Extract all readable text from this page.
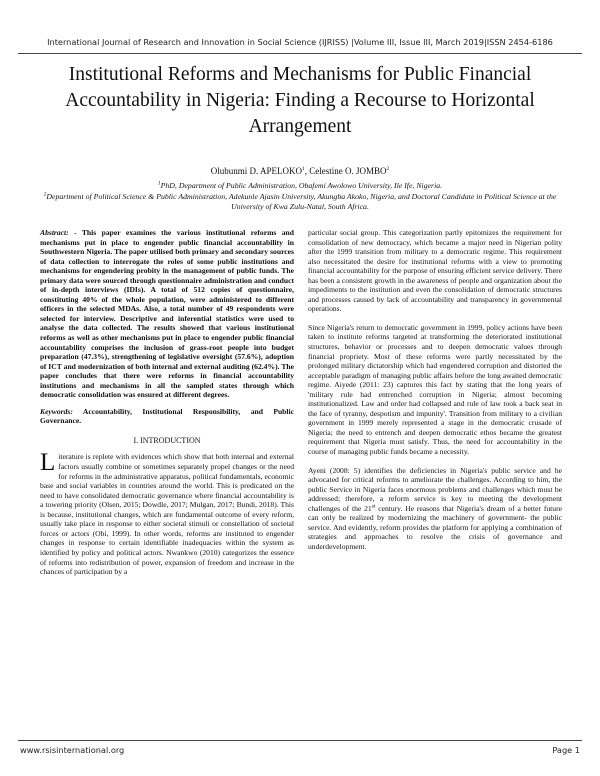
International Journal of Research and Innovation in Social Science (IJRISS) |Volume III, Issue III, March 2019|ISSN 2454-6186
Institutional Reforms and Mechanisms for Public Financial Accountability in Nigeria: Finding a Recourse to Horizontal Arrangement
Olubunmi D. APELOKO$^1$, Celestine O. JOMBO$^2$
$^1$PhD, Department of Public Administration, Obafemi Awolowo University, Ile Ife, Nigeria.
$^2$Department of Political Science & Public Administration, Adekunle Ajasin University, Akungba Akoko, Nigeria, and Doctoral Candidate in Political Science at the University of Kwa Zulu-Natal, South Africa.
Abstract: - This paper examines the various institutional reforms and mechanisms put in place to engender public financial accountability in Southwestern Nigeria. The paper utilised both primary and secondary sources of data collection to interrogate the roles of some public institutions and mechanisms for engendering probity in the management of public funds. The primary data were sourced through questionnaire administration and conduct of in-depth interviews (IDIs). A total of 512 copies of questionnaire, constituting 40% of the whole population, were administered to different officers in the selected MDAs. Also, a total number of 49 respondents were selected for interview. Descriptive and inferential statistics were used to analyse the data collected. The results showed that various institutional reforms as well as other mechanisms put in place to engender public financial accountability comprises the inclusion of grass-root people into budget preparation (47.3%), strengthening of legislative oversight (57.6%), adoption of ICT and modernization of both internal and external auditing (62.4%). The paper concludes that there were reforms in financial accountability institutions and mechanisms in all the sampled states through which democratic consolidation was ensured at different degrees.
Keywords: Accountability, Institutional Responsibility, and Public Governance.
I. INTRODUCTION
Literature is replete with evidences which show that both internal and external factors usually combine or sometimes separately propel changes or the need for reforms in the administrative apparatus, political fundamentals, economic base and social variables in countries around the world. This is predicated on the need to have consolidated democratic governance where financial accountability is a towering priority (Olsen, 2015; Dowdle, 2017; Mulgan, 2017; Bundi, 2018). This is because, institutional changes, which are fundamental outcome of every reform, usually take place in response to either societal stimuli or constellation of societal forces or actors (Obi, 1999). In other words, reforms are instituted to engender changes in response to certain identifiable inadequacies within the system as identified by policy and political actors. Nwankwo (2010) categorizes the essence of reforms into redistribution of power, expansion of freedom and increase in the chances of participation by a
particular social group. This categorization partly epitomizes the requirement for consolidation of new democracy, which became a major need in Nigerian polity after the 1999 transition from military to a democratic regime. This requirement also necessitated the desire for institutional reforms with a view to promoting financial accountability for the purpose of ensuring efficient service delivery. There has been a consistent growth in the awareness of people and organization about the impediments to the institution and even the consolidation of democratic structures and processes caused by lack of accountability and transparency in governmental operations.
Since Nigeria's return to democratic government in 1999, policy actions have been taken to institute reforms targeted at transforming the deteriorated institutional structures, behavior or processes and to deepen democratic values through financial propriety. Most of these reforms were partly necessitated by the prolonged military dictatorship which had engendered corruption and distorted the acceptable paradigm of managing public affairs before the long awaited democratic regime. Aiyede (2011: 23) captures this fact by stating that the long years of 'military rule had entrenched corruption in Nigeria; almost becoming institutionalized. Law and order had collapsed and rule of law took a back seat in the face of tyranny, despotism and impunity'. Transition from military to a civilian government in 1999 merely represented a stage in the democratic crusade of Nigeria; the need to entrench and deepen democratic ethos became the greatest requirement that Nigeria must satisfy. Thus, the need for accountability in the course of managing public funds became a necessity.
Ayeni (2008: 5) identifies the deficiencies in Nigeria's public service and he advocated for critical reforms to ameliorate the challenges. According to him, the public Service in Nigeria faces enormous problems and challenges which must be addressed; therefore, a reform service is key to meeting the development challenges of the 21st century. He reasons that Nigeria's dream of a better future can only be realized by modernizing the machinery of government- the public service. And evidently, reform provides the platform for applying a combination of strategies and approaches to resolve the crisis of governance and underdevelopment.
www.rsisinternational.org	Page 1
